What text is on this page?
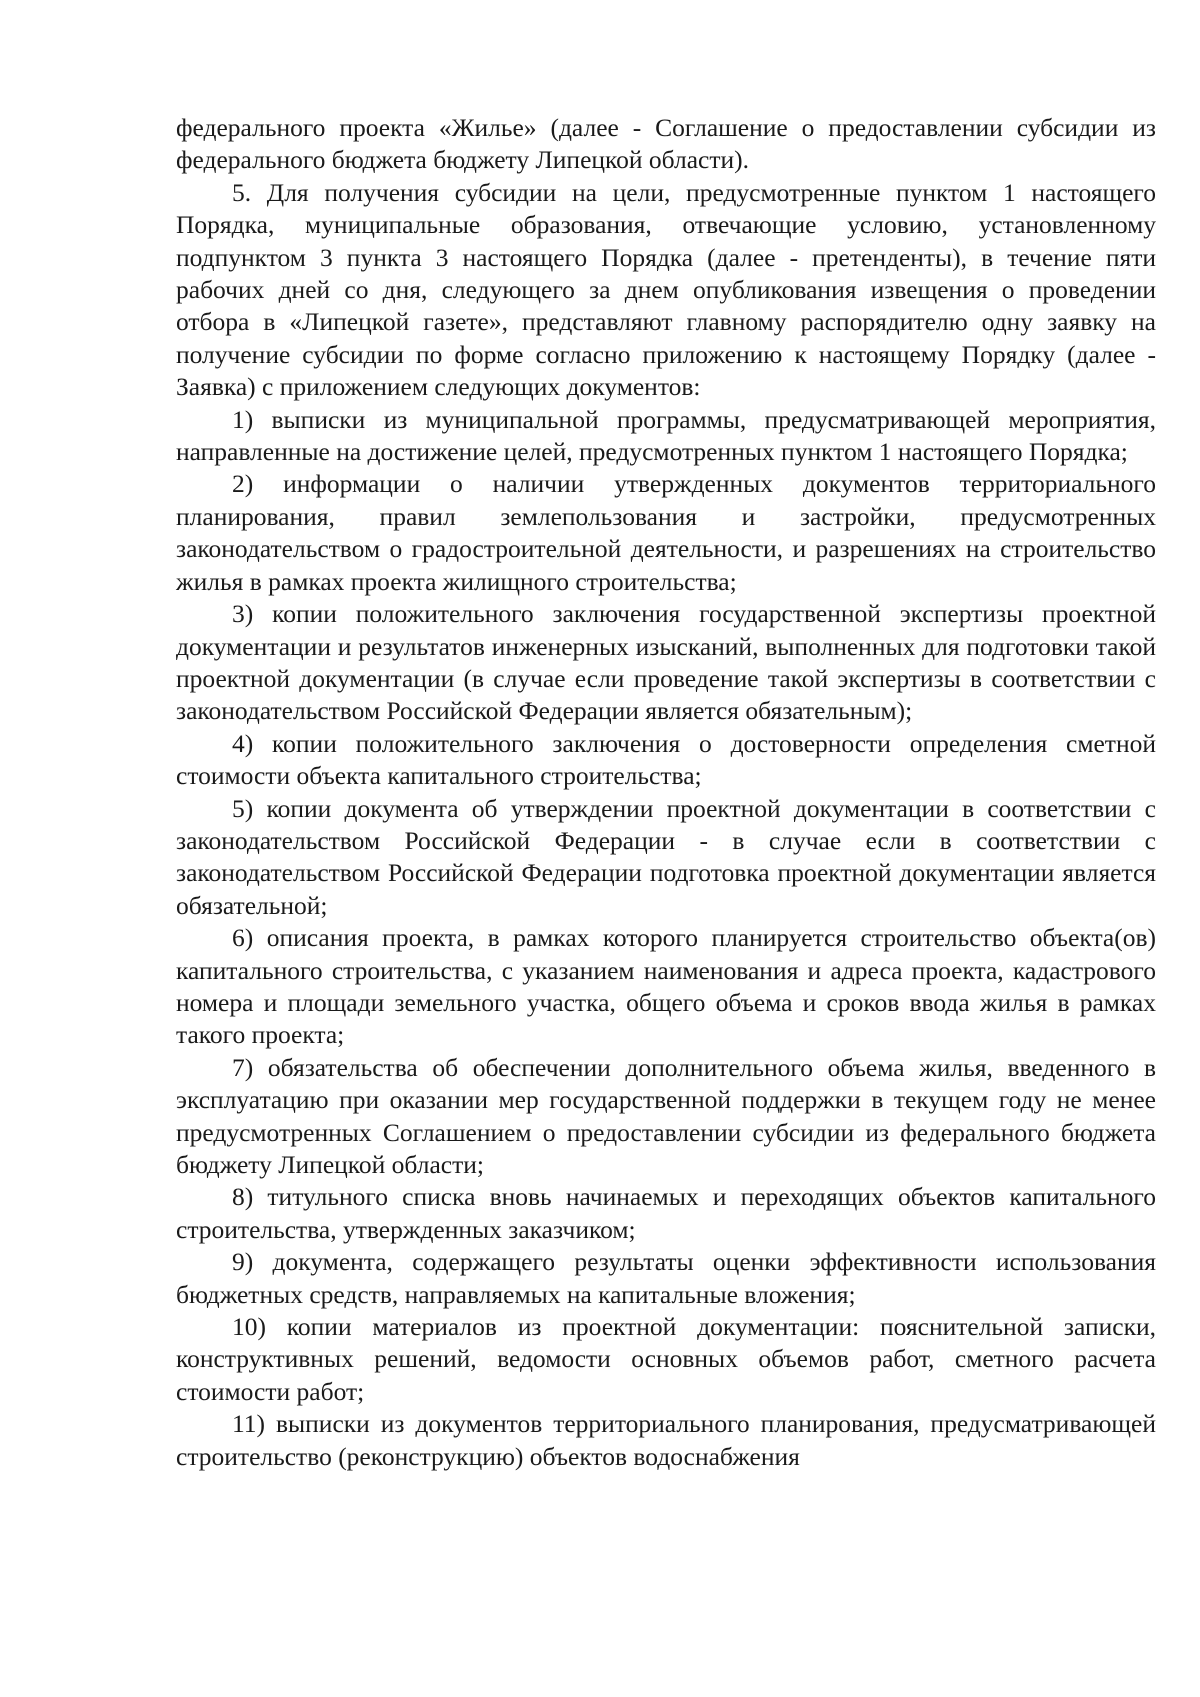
федерального проекта «Жилье» (далее - Соглашение о предоставлении субсидии из федерального бюджета бюджету Липецкой области).

5. Для получения субсидии на цели, предусмотренные пунктом 1 настоящего Порядка, муниципальные образования, отвечающие условию, установленному подпунктом 3 пункта 3 настоящего Порядка (далее - претенденты), в течение пяти рабочих дней со дня, следующего за днем опубликования извещения о проведении отбора в «Липецкой газете», представляют главному распорядителю одну заявку на получение субсидии по форме согласно приложению к настоящему Порядку (далее - Заявка) с приложением следующих документов:

1) выписки из муниципальной программы, предусматривающей мероприятия, направленные на достижение целей, предусмотренных пунктом 1 настоящего Порядка;

2) информации о наличии утвержденных документов территориального планирования, правил землепользования и застройки, предусмотренных законодательством о градостроительной деятельности, и разрешениях на строительство жилья в рамках проекта жилищного строительства;

3) копии положительного заключения государственной экспертизы проектной документации и результатов инженерных изысканий, выполненных для подготовки такой проектной документации (в случае если проведение такой экспертизы в соответствии с законодательством Российской Федерации является обязательным);

4) копии положительного заключения о достоверности определения сметной стоимости объекта капитального строительства;

5) копии документа об утверждении проектной документации в соответствии с законодательством Российской Федерации - в случае если в соответствии с законодательством Российской Федерации подготовка проектной документации является обязательной;

6) описания проекта, в рамках которого планируется строительство объекта(ов) капитального строительства, с указанием наименования и адреса проекта, кадастрового номера и площади земельного участка, общего объема и сроков ввода жилья в рамках такого проекта;

7) обязательства об обеспечении дополнительного объема жилья, введенного в эксплуатацию при оказании мер государственной поддержки в текущем году не менее предусмотренных Соглашением о предоставлении субсидии из федерального бюджета бюджету Липецкой области;

8) титульного списка вновь начинаемых и переходящих объектов капитального строительства, утвержденных заказчиком;

9) документа, содержащего результаты оценки эффективности использования бюджетных средств, направляемых на капитальные вложения;

10) копии материалов из проектной документации: пояснительной записки, конструктивных решений, ведомости основных объемов работ, сметного расчета стоимости работ;

11) выписки из документов территориального планирования, предусматривающей строительство (реконструкцию) объектов водоснабжения
